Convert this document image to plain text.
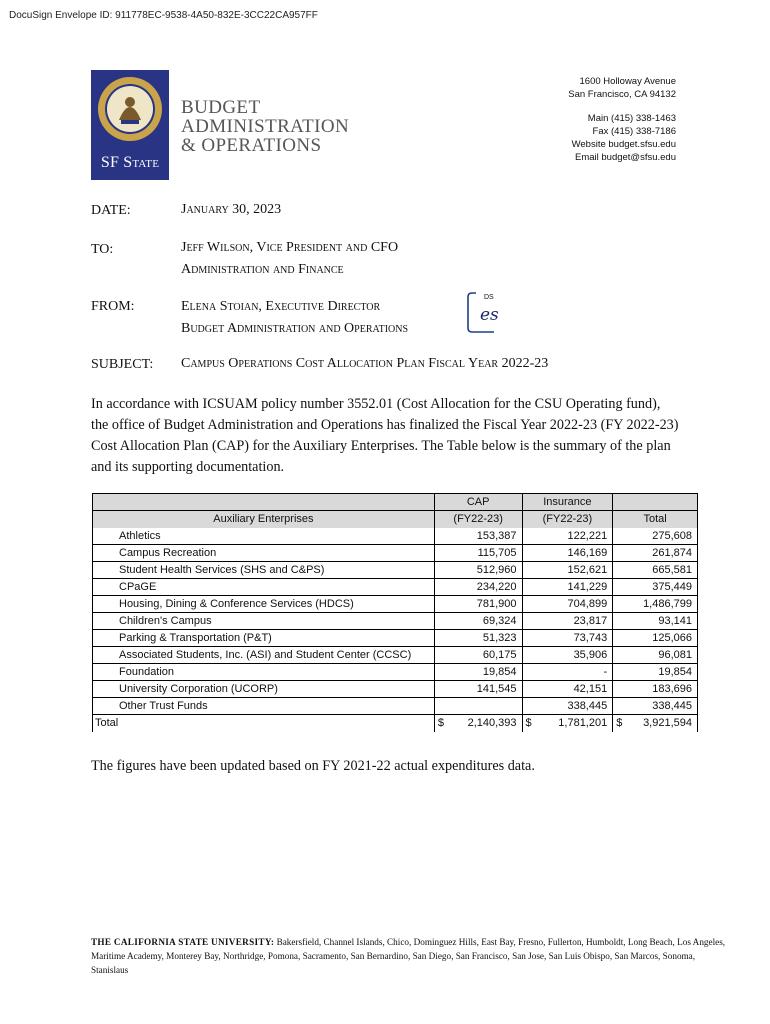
DocuSign Envelope ID: 911778EC-9538-4A50-832E-3CC22CA957FF
SF State
BUDGET
ADMINISTRATION
& OPERATIONS
1600 Holloway Avenue
San Francisco, CA 94132
Main (415) 338-1463
Fax (415) 338-7186
Website budget.sfsu.edu
Email budget@sfsu.edu
DATE:	January 30, 2023
TO:	Jeff Wilson, Vice President and CFO
Administration and Finance
FROM:	Elena Stoian, Executive Director
Budget Administration and Operations
DS
es
SUBJECT: Campus Operations Cost Allocation Plan Fiscal Year 2022-23
In accordance with ICSUAM policy number 3552.01 (Cost Allocation for the CSU Operating fund), the office of Budget Administration and Operations has finalized the Fiscal Year 2022-23 (FY 2022-23) Cost Allocation Plan (CAP) for the Auxiliary Enterprises. The Table below is the summary of the plan and its supporting documentation.
	CAP	Insurance	
Auxiliary Enterprises	(FY22-23)	(FY22-23)	Total
Athletics	153,387	122,221	275,608
Campus Recreation	115,705	146,169	261,874
Student Health Services (SHS and C&PS)	512,960	152,621	665,581
CPaGE	234,220	141,229	375,449
Housing, Dining & Conference Services (HDCS)	781,900	704,899	1,486,799
Children's Campus	69,324	23,817	93,141
Parking & Transportation (P&T)	51,323	73,743	125,066
Associated Students, Inc. (ASI) and Student Center (CCSC)	60,175	35,906	96,081
Foundation	19,854	-	19,854
University Corporation (UCORP)	141,545	42,151	183,696
Other Trust Funds		338,445	338,445
Total	$ 2,140,393	$ 1,781,201	$ 3,921,594
The figures have been updated based on FY 2021-22 actual expenditures data.
THE CALIFORNIA STATE UNIVERSITY: Bakersfield, Channel Islands, Chico, Dominguez Hills, East Bay, Fresno, Fullerton, Humboldt, Long Beach, Los Angeles, Maritime Academy, Monterey Bay, Northridge, Pomona, Sacramento, San Bernardino, San Diego, San Francisco, San Jose, San Luis Obispo, San Marcos, Sonoma, Stanislaus
